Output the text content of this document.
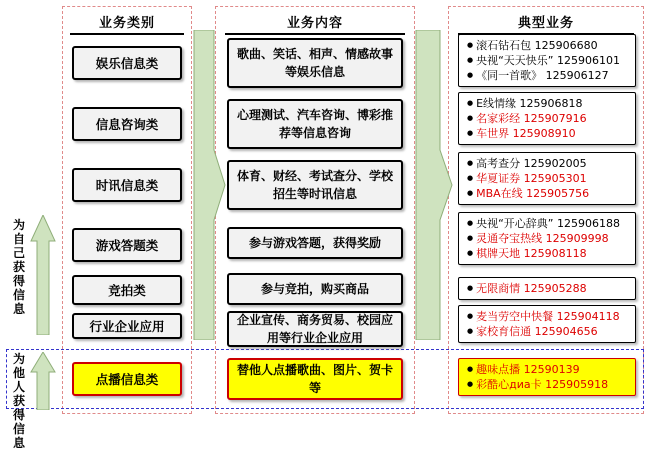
业务类别	业务内容	典型业务
为自己获得信息
为他人获得信息
娱乐信息类
信息咨询类
时讯信息类
游戏答题类
竞拍类
行业企业应用
点播信息类
歌曲、笑话、相声、情感故事等娱乐信息
心理测试、汽车咨询、博彩推荐等信息咨询
体育、财经、考试查分、学校招生等时讯信息
参与游戏答题，获得奖励
参与竞拍，购买商品
企业宣传、商务贸易、校园应用等行业企业应用
替他人点播歌曲、图片、贺卡等
● 滚石钻石包 125906680
● 央视“天天快乐” 125906101
● 《同一首歌》 125906127
● E线情缘 125906818
● 名家彩经 125907916
● 车世界 125908910
● 高考查分 125902005
● 华夏证券 125905301
● MBA在线 125905756
● 央视“开心辞典” 125906188
● 灵通夺宝热线 125909998
● 棋牌天地 125908118
● 无限商情 125905288
● 麦当劳空中快餐 125904118
● 家校育信通 125904656
● 趣味点播 12590139
● 彩酷心диа卡 125905918
